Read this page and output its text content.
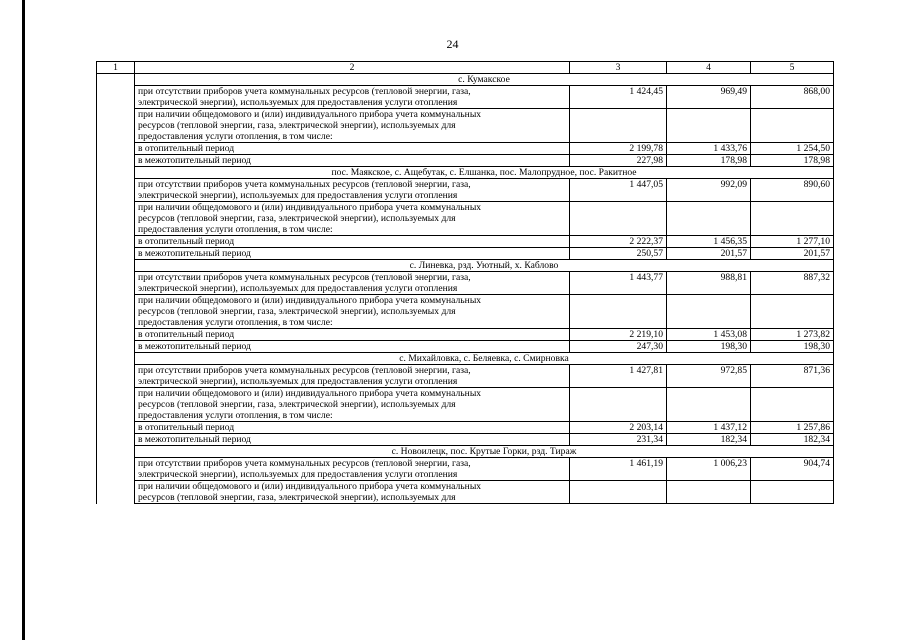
24
1	2	3	4	5
	с. Кумакское			

	при отсутствии приборов учета коммунальных ресурсов (тепловой энергии, газа,
электрической энергии), используемых для предоставления услуги отопления	1 424,45	969,49	868,00

	при наличии общедомового и (или) индивидуального прибора учета коммунальных
ресурсов (тепловой энергии, газа, электрической энергии), используемых для
предоставления услуги отопления, в том числе:			

	в отопительный период	2 199,78	1 433,76	1 254,50

	в межотопительный период	227,98	178,98	178,98
	пос. Маякское, с. Ащебутак, с. Елшанка, пос. Малопрудное, пос. Ракитное			

	при отсутствии приборов учета коммунальных ресурсов (тепловой энергии, газа,
электрической энергии), используемых для предоставления услуги отопления	1 447,05	992,09	890,60

	при наличии общедомового и (или) индивидуального прибора учета коммунальных
ресурсов (тепловой энергии, газа, электрической энергии), используемых для
предоставления услуги отопления, в том числе:			

	в отопительный период	2 222,37	1 456,35	1 277,10

	в межотопительный период	250,57	201,57	201,57
	с. Линевка, рзд. Уютный, х. Каблово			

	при отсутствии приборов учета коммунальных ресурсов (тепловой энергии, газа,
электрической энергии), используемых для предоставления услуги отопления	1 443,77	988,81	887,32

	при наличии общедомового и (или) индивидуального прибора учета коммунальных
ресурсов (тепловой энергии, газа, электрической энергии), используемых для
предоставления услуги отопления, в том числе:			

	в отопительный период	2 219,10	1 453,08	1 273,82

	в межотопительный период	247,30	198,30	198,30
	с. Михайловка, с. Беляевка, с. Смирновка			

	при отсутствии приборов учета коммунальных ресурсов (тепловой энергии, газа,
электрической энергии), используемых для предоставления услуги отопления	1 427,81	972,85	871,36

	при наличии общедомового и (или) индивидуального прибора учета коммунальных
ресурсов (тепловой энергии, газа, электрической энергии), используемых для
предоставления услуги отопления, в том числе:			

	в отопительный период	2 203,14	1 437,12	1 257,86

	в межотопительный период	231,34	182,34	182,34
	с. Новоилецк, пос. Крутые Горки, рзд. Тираж			

	при отсутствии приборов учета коммунальных ресурсов (тепловой энергии, газа,
электрической энергии), используемых для предоставления услуги отопления	1 461,19	1 006,23	904,74

	при наличии общедомового и (или) индивидуального прибора учета коммунальных
ресурсов (тепловой энергии, газа, электрической энергии), используемых для			
